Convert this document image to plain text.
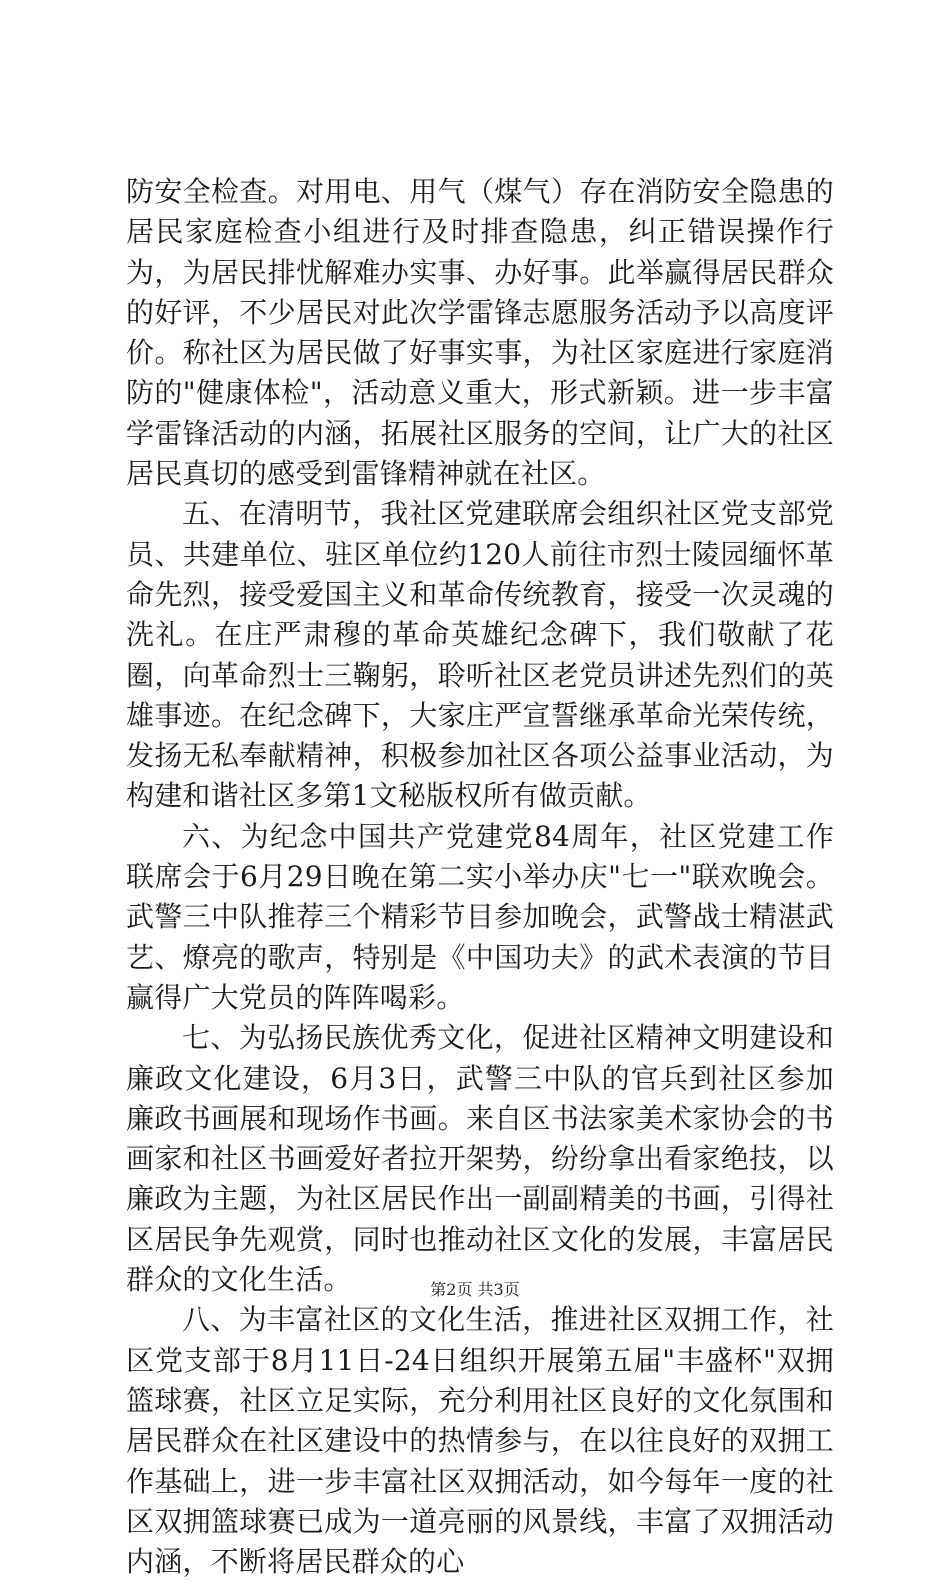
防安全检查。对用电、用气（煤气）存在消防安全隐患的居民家庭检查小组进行及时排查隐患，纠正错误操作行为，为居民排忧解难办实事、办好事。此举赢得居民群众的好评，不少居民对此次学雷锋志愿服务活动予以高度评价。称社区为居民做了好事实事，为社区家庭进行家庭消防的"健康体检"，活动意义重大，形式新颖。进一步丰富学雷锋活动的内涵，拓展社区服务的空间，让广大的社区居民真切的感受到雷锋精神就在社区。

五、在清明节，我社区党建联席会组织社区党支部党员、共建单位、驻区单位约120人前往市烈士陵园缅怀革命先烈，接受爱国主义和革命传统教育，接受一次灵魂的洗礼。在庄严肃穆的革命英雄纪念碑下，我们敬献了花圈，向革命烈士三鞠躬，聆听社区老党员讲述先烈们的英雄事迹。在纪念碑下，大家庄严宣誓继承革命光荣传统，发扬无私奉献精神，积极参加社区各项公益事业活动，为构建和谐社区多第1文秘版权所有做贡献。

六、为纪念中国共产党建党84周年，社区党建工作联席会于6月29日晚在第二实小举办庆"七一"联欢晚会。武警三中队推荐三个精彩节目参加晚会，武警战士精湛武艺、燎亮的歌声，特别是《中国功夫》的武术表演的节目赢得广大党员的阵阵喝彩。

七、为弘扬民族优秀文化，促进社区精神文明建设和廉政文化建设，6月3日，武警三中队的官兵到社区参加廉政书画展和现场作书画。来自区书法家美术家协会的书画家和社区书画爱好者拉开架势，纷纷拿出看家绝技，以廉政为主题，为社区居民作出一副副精美的书画，引得社区居民争先观赏，同时也推动社区文化的发展，丰富居民群众的文化生活。

八、为丰富社区的文化生活，推进社区双拥工作，社区党支部于8月11日-24日组织开展第五届"丰盛杯"双拥篮球赛，社区立足实际，充分利用社区良好的文化氛围和居民群众在社区建设中的热情参与，在以往良好的双拥工作基础上，进一步丰富社区双拥活动，如今每年一度的社区双拥篮球赛已成为一道亮丽的风景线，丰富了双拥活动内涵，不断将居民群众的心

第2页 共3页
